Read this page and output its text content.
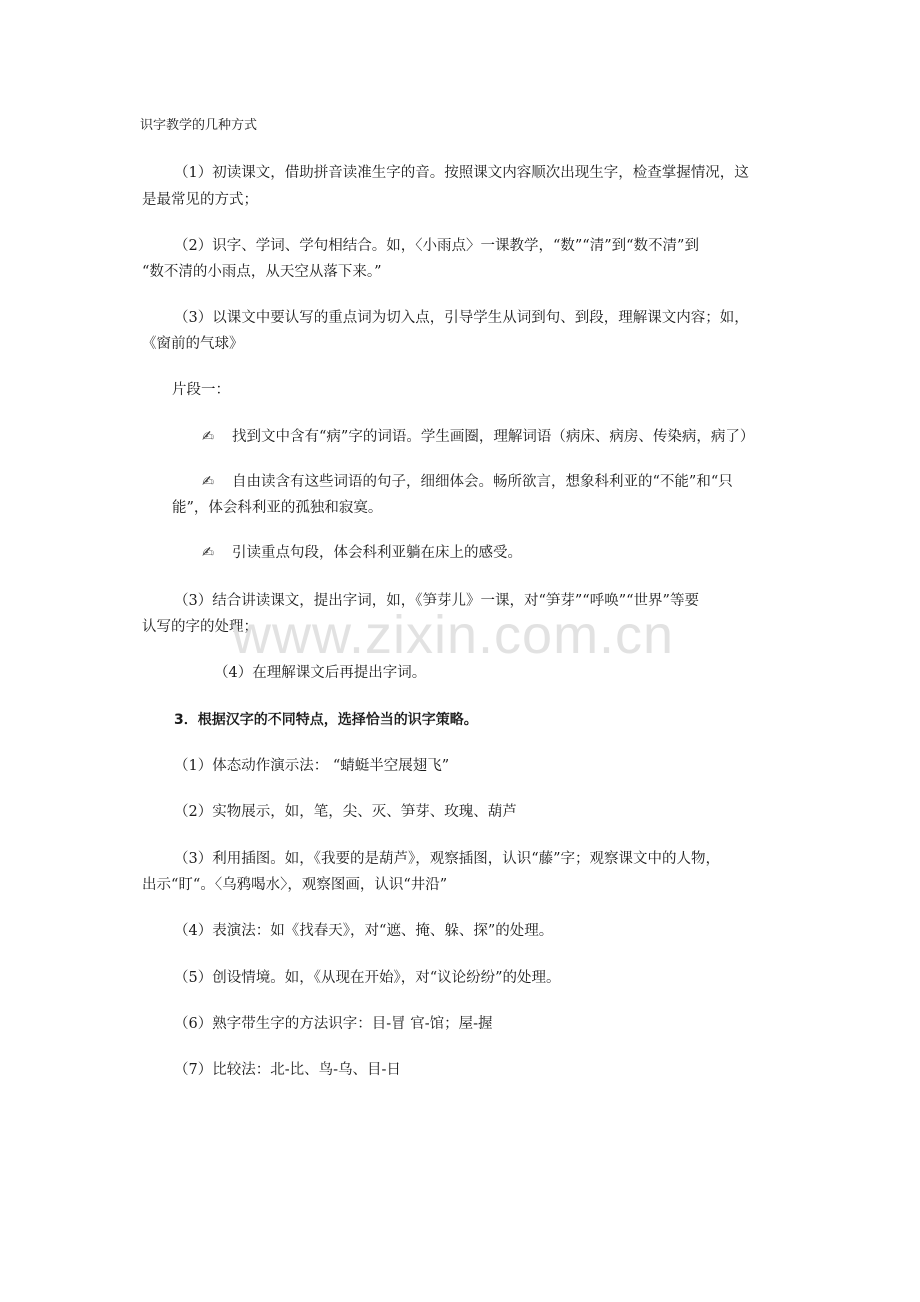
识字教学的几种方式
（1）初读课文，借助拼音读准生字的音。按照课文内容顺次出现生字，检查掌握情况，这
是最常见的方式；
（2）识字、学词、学句相结合。如，〈小雨点〉一课教学，“数”“清”到“数不清”到
“数不清的小雨点，从天空从落下来。”
（3）以课文中要认写的重点词为切入点，引导学生从词到句、到段，理解课文内容；如，
《窗前的气球》
片段一：
✍ 找到文中含有“病”字的词语。学生画圈，理解词语（病床、病房、传染病，病了）
✍ 自由读含有这些词语的句子，细细体会。畅所欲言，想象科利亚的“不能”和“只
能”，体会科利亚的孤独和寂寞。
✍ 引读重点句段，体会科利亚躺在床上的感受。
（3）结合讲读课文，提出字词，如，《笋芽儿》一课，对“笋芽”“呼唤”“世界”等要
认写的字的处理；
（4）在理解课文后再提出字词。
3．根据汉字的不同特点，选择恰当的识字策略。
（1）体态动作演示法： “蜻蜓半空展翅飞”
（2）实物展示，如，笔，尖、灭、笋芽、玫瑰、葫芦
（3）利用插图。如，《我要的是葫芦》，观察插图，认识“藤”字；观察课文中的人物，
出示“盯“。〈乌鸦喝水〉，观察图画，认识“井沿”
（4）表演法：如《找春天》，对“遮、掩、躲、探”的处理。
（5）创设情境。如，《从现在开始》，对“议论纷纷”的处理。
（6）熟字带生字的方法识字：目-冒 官-馆；屋-握
（7）比较法：北-比、鸟-乌、目-日
www.zixin.com.cn
